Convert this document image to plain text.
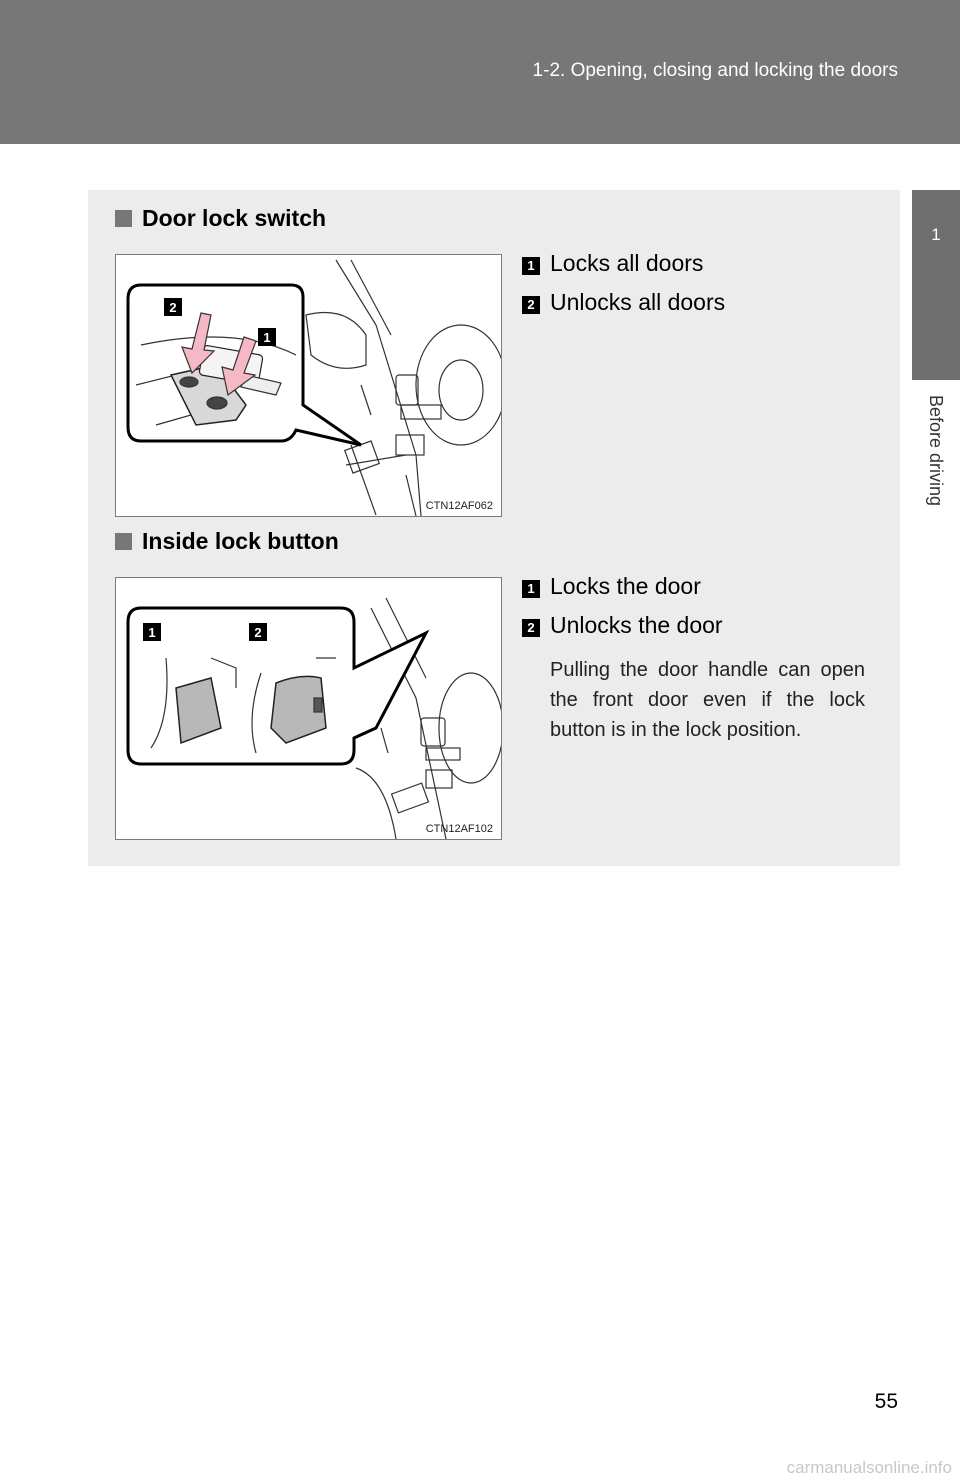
1-2. Opening, closing and locking the doors
1
Before driving
Door lock switch
2
1
CTN12AF062
1 Locks all doors
2 Unlocks all doors
Inside lock button
1	2
CTN12AF102
1 Locks the door
2 Unlocks the door
Pulling the door handle can open the front door even if the lock button is in the lock position.
55
carmanualsonline.info
